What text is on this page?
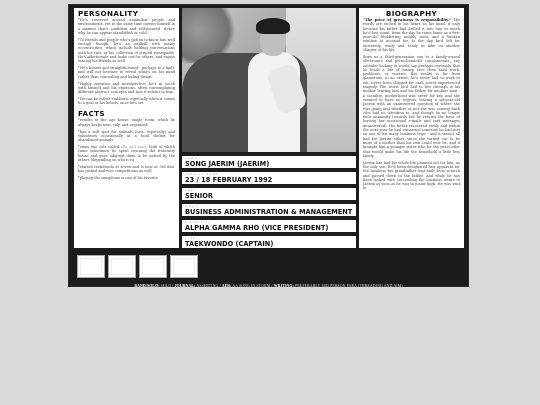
PERSONALITY

*He's reserved around unfamiliar people and environments, yet at the same time carries himself in a manner that's confident and self-assured. Hence why he can appear standoffish or cold.

*To friends and people who's gotten to know him well enough though, he's an oddball with mainy eccentricities, which include holding conversations with his cats, or his collection of striped sweatpants. He's affectionate and looks out for others, and enjoys teasing his friends as well.

*He's honest and straightforward - perhaps to a fault, and will not hesitate to reveal what's on his mind rather than concealing and hiding things.

*Highly sensitive and introspective, he's in touch with himself and his emotions, often contemplating different abstract concepts and how it relates to him.

*He can be rather stubborn, especially when it comes to a goal or his beliefs, once he's set

FACTS

*resides in the ago house, single room, which he always keeps neat, tidy, and organized.

*has a soft spot for animals (cats, especially) and volunteers occasionally at a local shelter for abandoned animals.

*owns two cats called ollo and bono, both of which came sometimes he spent rescuing the fraternity house and gave adopted them to be petted by the others (depending on who it is).

*started taekwondo at seven and is now at 3rd dan. has picked and won competitions as well.

*playing the saxophone is one of his favorite

name
SONG JAERIM (JAERIM)
date of birth
23 / 18 FEBRUARY 1992
year
SENIOR
major
BUSINESS ADMINISTRATION & MANAGEMENT
fraternity
ALPHA GAMMA RHO (VICE PRESIDENT)
club
TAEKWONDO (CAPTAIN)
BIOGRAPHY

"The price of greatness is responsibility." The words are etched in his heart, in his mind, if only because his father had drilled it into him so much he'd lost count, from the day he came home as a five-year-old blubbering muddy mess and a broken window to account for, to the day he'd left for university, ready and ready to take on another chapter of his life.

Born as a third-generation son to a family-owned electronics and petrochemicals conglomerate, any outsider looking in would say perhaps enviously that he leads a life of luxury, free from hard work, problems, or worries. But reality is far from glamorous, to an extent, he's never had to work to eat, never been clogged for cash, never experienced tragedy. The worst he'd had to live through is his mother leaving him and his father for another man - a socialite, motherhood was never for her, and she seemed to have no regrets, leaving a six-year-old Jaerim with an unanswered question of where she was going and whether or not she was coming back (she had no intention to, and though he no longer feels animosity towards her, he returns the favor of leaving her occasional e-mails and text messages unanswered). His father recovered easily and within the next year he had remarried someone he had met on one of his many business trips - and it wasn't all bad for Jaerim either, since she turned out to be more of a mother than his own could ever be, and it brought him a younger sister who for the years after that would make his life the household a little less lonely.

Jaerim has had his whole life planned out for him; as the only son, he'd been designated heir apparent for the business his grandfather had built from scratch and passed down to the father. And while he has been tasked with succeeding the business aware to Jaerim as soon as he was in junior high. He was sent to

BAND/SOLO: SOLO / JOURNAL: ASSERTING / AIM: AA SONG IN STORM / WRITING: PREFERABLY 3RD PERSON PARA (THREADING AND AIM)
